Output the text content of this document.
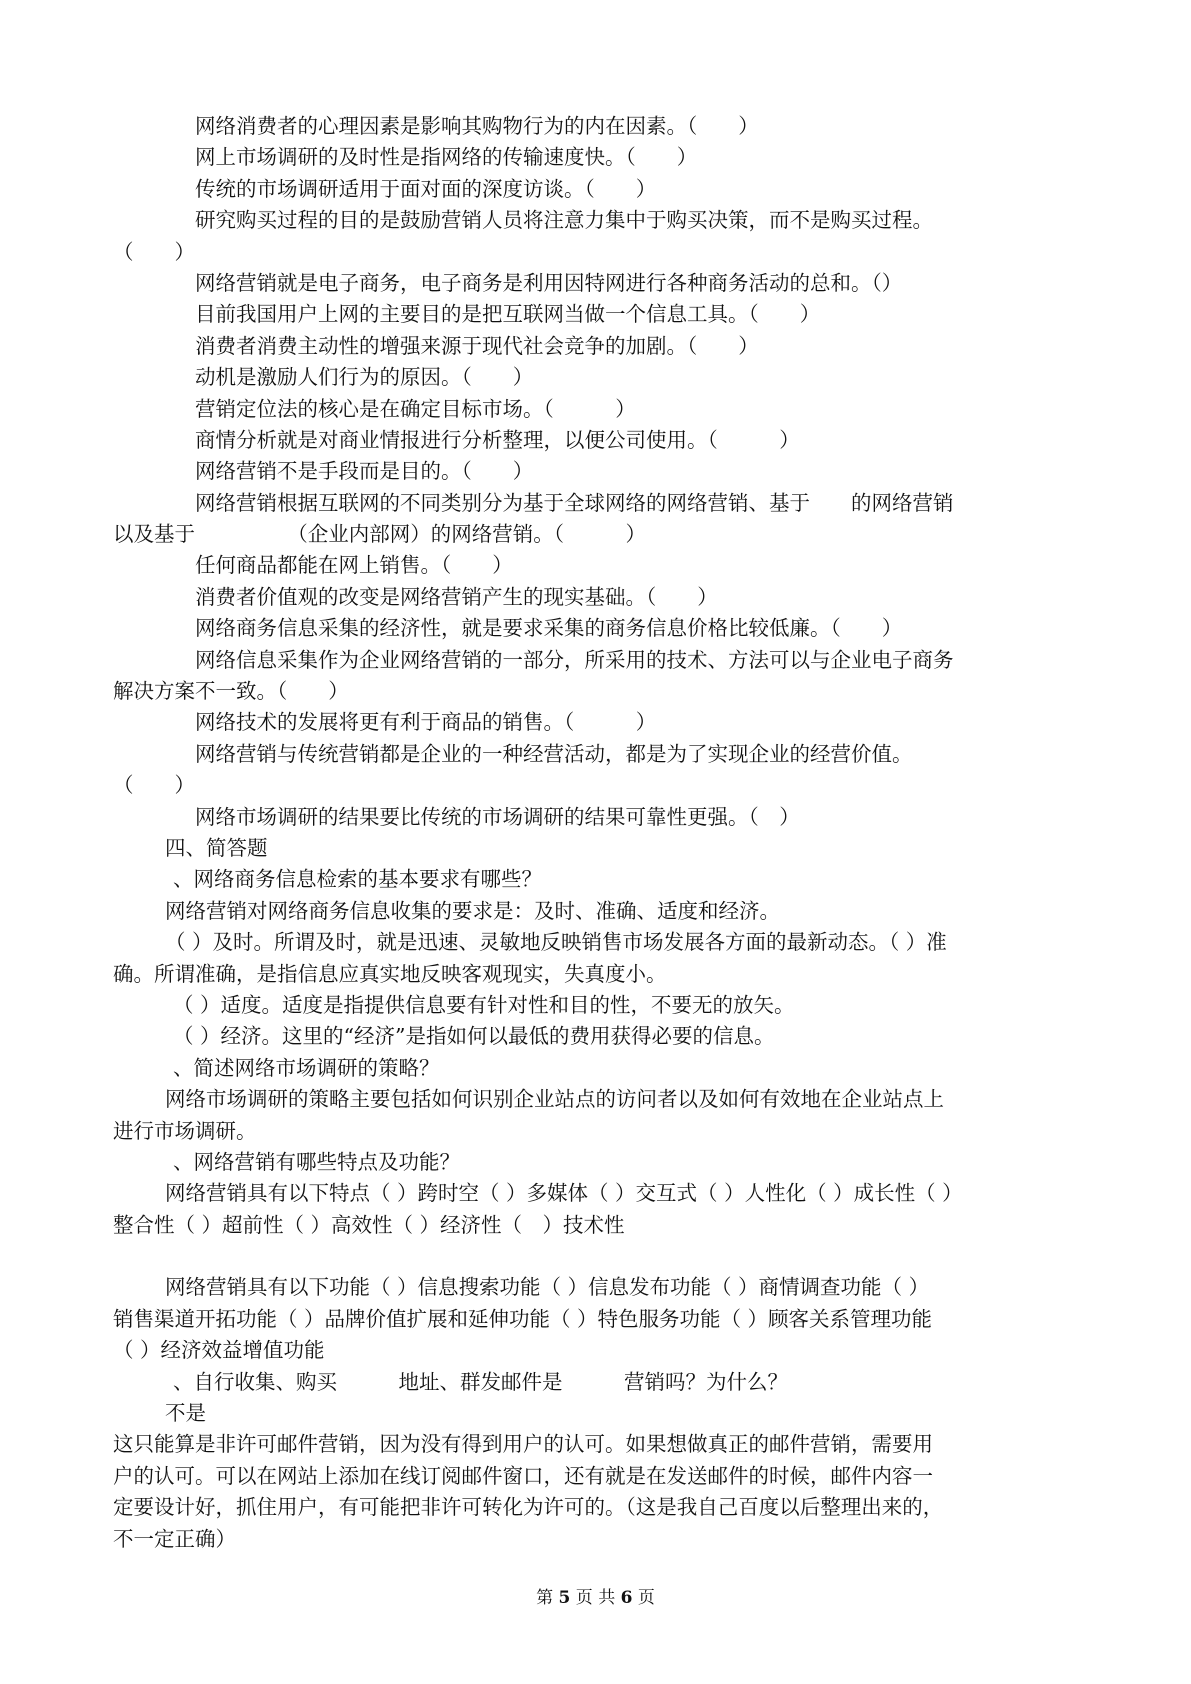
网络消费者的心理因素是影响其购物行为的内在因素。（　　）
网上市场调研的及时性是指网络的传输速度快。（　　）
传统的市场调研适用于面对面的深度访谈。（　　）
研究购买过程的目的是鼓励营销人员将注意力集中于购买决策，而不是购买过程。
（　　）
网络营销就是电子商务，电子商务是利用因特网进行各种商务活动的总和。（）
目前我国用户上网的主要目的是把互联网当做一个信息工具。（　　）
消费者消费主动性的增强来源于现代社会竞争的加剧。（　　）
动机是激励人们行为的原因。（　　）
营销定位法的核心是在确定目标市场。（　　　）
商情分析就是对商业情报进行分析整理，以便公司使用。（　　　）
网络营销不是手段而是目的。（　　）
网络营销根据互联网的不同类别分为基于全球网络的网络营销、基于　　的网络营销
以及基于　　　　　（企业内部网）的网络营销。（　　　）
任何商品都能在网上销售。（　　）
消费者价值观的改变是网络营销产生的现实基础。（　　）
网络商务信息采集的经济性，就是要求采集的商务信息价格比较低廉。（　　）
网络信息采集作为企业网络营销的一部分，所采用的技术、方法可以与企业电子商务
解决方案不一致。（　　）
网络技术的发展将更有利于商品的销售。（　　　）
网络营销与传统营销都是企业的一种经营活动，都是为了实现企业的经营价值。
（　　）
网络市场调研的结果要比传统的市场调研的结果可靠性更强。（　）
四、简答题
、网络商务信息检索的基本要求有哪些？
网络营销对网络商务信息收集的要求是：及时、准确、适度和经济。
（ ）及时。所谓及时，就是迅速、灵敏地反映销售市场发展各方面的最新动态。（ ）准
确。所谓准确，是指信息应真实地反映客观现实，失真度小。
（ ）适度。适度是指提供信息要有针对性和目的性，不要无的放矢。
（ ）经济。这里的“经济”是指如何以最低的费用获得必要的信息。
、简述网络市场调研的策略？
网络市场调研的策略主要包括如何识别企业站点的访问者以及如何有效地在企业站点上
进行市场调研。
、网络营销有哪些特点及功能？
网络营销具有以下特点（ ）跨时空（ ）多媒体（ ）交互式（ ）人性化（ ）成长性（ ）
整合性（ ）超前性（ ）高效性（ ）经济性（　）技术性
网络营销具有以下功能（ ）信息搜索功能（ ）信息发布功能（ ）商情调查功能（ ）
销售渠道开拓功能（ ）品牌价值扩展和延伸功能（ ）特色服务功能（ ）顾客关系管理功能
（ ）经济效益增值功能
、自行收集、购买　　　地址、群发邮件是　　　营销吗？为什么？
不是
这只能算是非许可邮件营销，因为没有得到用户的认可。如果想做真正的邮件营销，需要用
户的认可。可以在网站上添加在线订阅邮件窗口，还有就是在发送邮件的时候，邮件内容一
定要设计好，抓住用户，有可能把非许可转化为许可的。（这是我自己百度以后整理出来的，
不一定正确）
第 5 页 共 6 页
